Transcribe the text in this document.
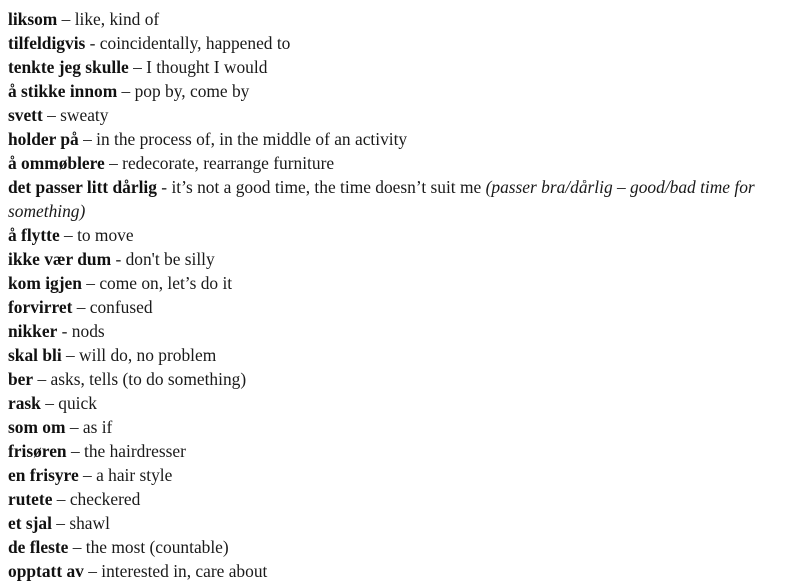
liksom – like, kind of
tilfeldigvis - coincidentally, happened to
tenkte jeg skulle – I thought I would
å stikke innom – pop by, come by
svett – sweaty
holder på – in the process of, in the middle of an activity
å ommøblere – redecorate, rearrange furniture
det passer litt dårlig - it’s not a good time, the time doesn’t suit me (passer bra/dårlig – good/bad time for something)
å flytte – to move
ikke vær dum - don't be silly
kom igjen – come on, let’s do it
forvirret – confused
nikker - nods
skal bli – will do, no problem
ber – asks, tells (to do something)
rask – quick
som om – as if
frisøren – the hairdresser
en frisyre – a hair style
rutete – checkered
et sjal – shawl
de fleste – the most (countable)
opptatt av – interested in, care about
